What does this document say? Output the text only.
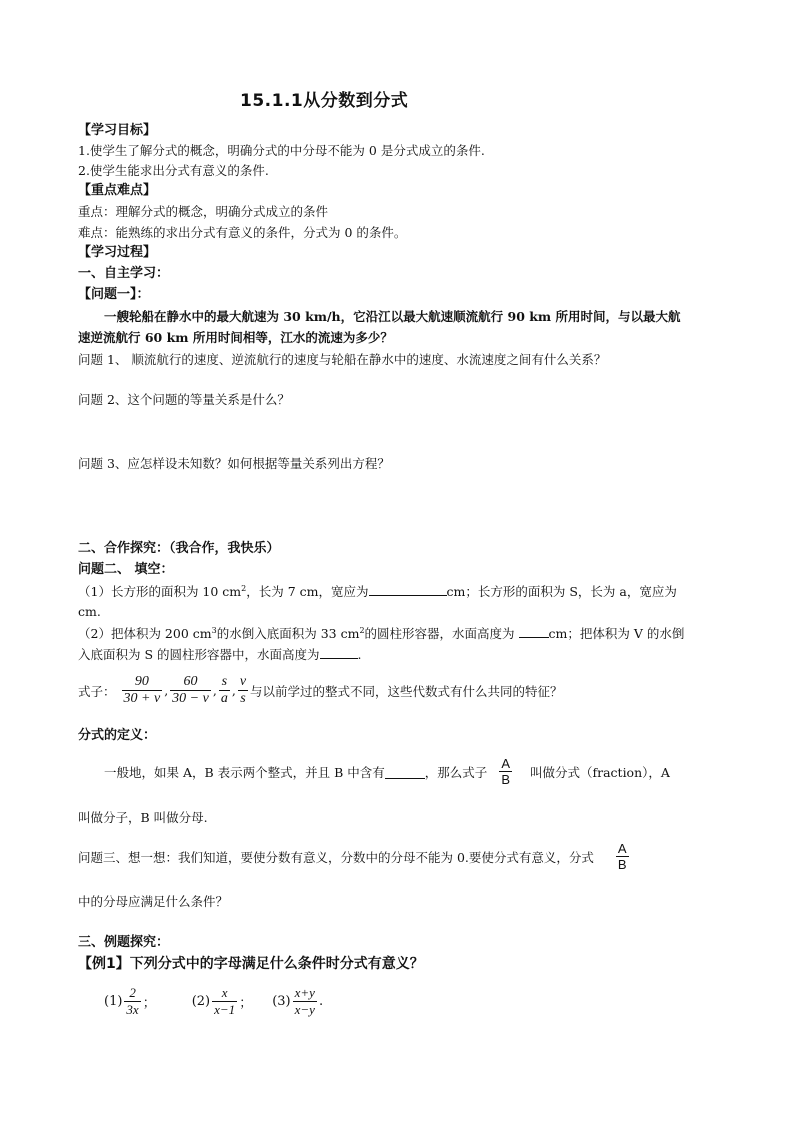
15.1.1从分数到分式
【学习目标】
1.使学生了解分式的概念，明确分式的中分母不能为 0 是分式成立的条件.
2.使学生能求出分式有意义的条件.
【重点难点】
重点：理解分式的概念，明确分式成立的条件
难点：能熟练的求出分式有意义的条件，分式为 0 的条件。
【学习过程】
一、自主学习：
【问题一】：
一艘轮船在静水中的最大航速为 30 km/h，它沿江以最大航速顺流航行 90 km 所用时间，与以最大航
速逆流航行 60 km 所用时间相等，江水的流速为多少？
问题 1、 顺流航行的速度、逆流航行的速度与轮船在静水中的速度、水流速度之间有什么关系？
问题 2、这个问题的等量关系是什么？
问题 3、应怎样设未知数？如何根据等量关系列出方程？
二、合作探究：（我合作，我快乐）
问题二、 填空：
（1）长方形的面积为 10 $cm^2$，长为 7 cm，宽应为	cm；长方形的面积为 S，长为 a，宽应为
cm.
（2）把体积为 200 $cm^3$的水倒入底面积为 33 $cm^2$的圆柱形容器，水面高度为 cm；把体积为 V 的水倒
入底面积为 S 的圆柱形容器中，水面高度为	.
式子： $\frac{90}{30 + v}$ , $\frac{60}{30 - v}$ , $\frac{s}{a}$ , $\frac{v}{s}$ 与以前学过的整式不同，这些代数式有什么共同的特征？
分式的定义：
一般地，如果 A，B 表示两个整式，并且 B 中含有	，那么式子 $\frac{A}{B}$ 叫做分式（fraction），A
叫做分子，B 叫做分母.
问题三、想一想：我们知道，要使分数有意义，分数中的分母不能为 0.要使分式有意义，分式 $\frac{A}{B}$
中的分母应满足什么条件？
三、例题探究：
【例1】下列分式中的字母满足什么条件时分式有意义？
$(1) \frac{2}{3x}$ ；	$(2) \frac{x}{x-1}$ ； $(3) \frac{x+y}{x-y}$ .
